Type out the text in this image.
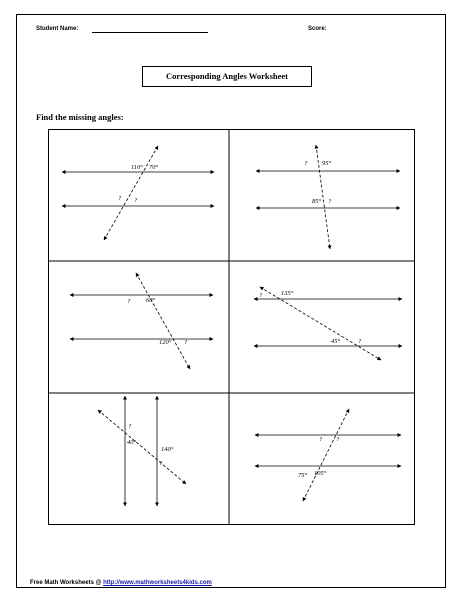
Student Name:	Score:
Corresponding Angles Worksheet
Find the missing angles:
110° 70°
? ?
? 95°
85° ?
? 60°
120° ?
?	135°
45°	?
?
40°
140°
?
? ?
75° 105°
Free Math Worksheets @ http://www.mathworksheets4kids.com
